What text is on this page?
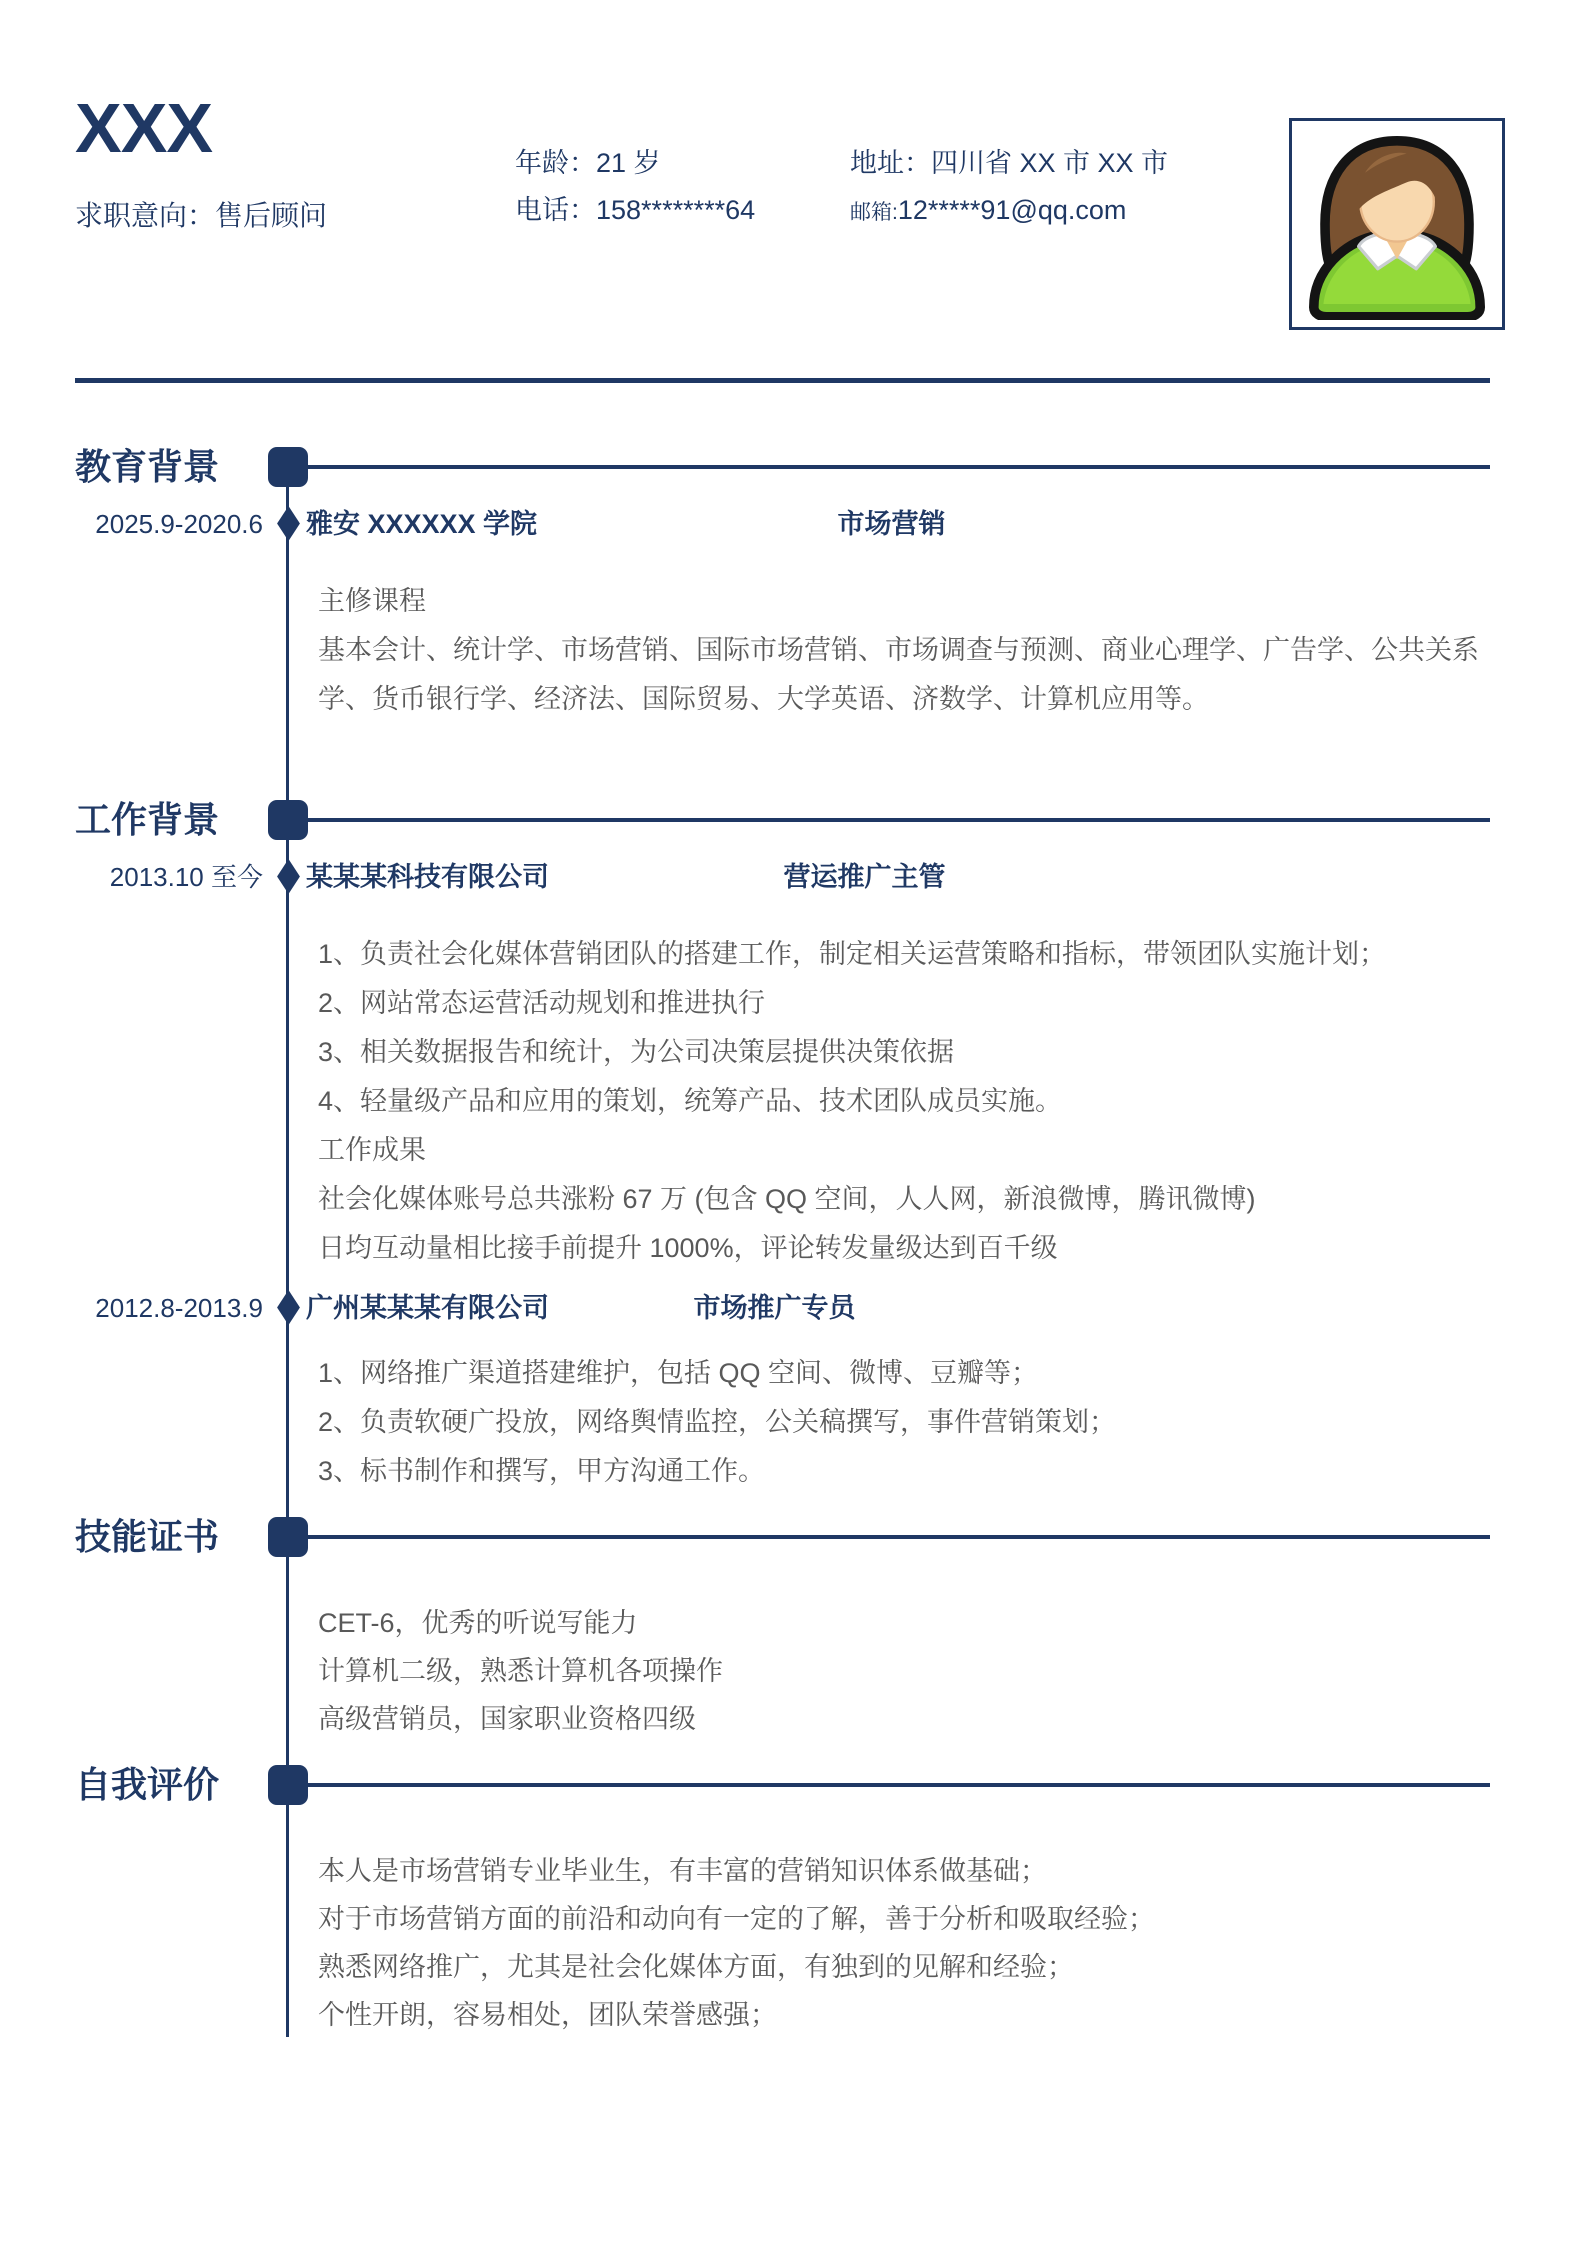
XXX
求职意向：售后顾问
年龄：21 岁	地址：四川省 XX 市 XX 市
电话：158********64	邮箱:12*****91@qq.com
教育背景
2025.9-2020.6 雅安 XXXXXX 学院	市场营销
主修课程
基本会计、统计学、市场营销、国际市场营销、市场调查与预测、商业心理学、广告学、公共关系学、货币银行学、经济法、国际贸易、大学英语、济数学、计算机应用等。
工作背景
2013.10 至今 某某某科技有限公司	营运推广主管
1、负责社会化媒体营销团队的搭建工作，制定相关运营策略和指标，带领团队实施计划；
2、网站常态运营活动规划和推进执行
3、相关数据报告和统计，为公司决策层提供决策依据
4、轻量级产品和应用的策划，统筹产品、技术团队成员实施。
工作成果
社会化媒体账号总共涨粉 67 万 (包含 QQ 空间，人人网，新浪微博，腾讯微博)
日均互动量相比接手前提升 1000%，评论转发量级达到百千级
2012.8-2013.9 广州某某某有限公司	市场推广专员
1、网络推广渠道搭建维护，包括 QQ 空间、微博、豆瓣等；
2、负责软硬广投放，网络舆情监控，公关稿撰写，事件营销策划；
3、标书制作和撰写，甲方沟通工作。
技能证书
CET-6，优秀的听说写能力
计算机二级，熟悉计算机各项操作
高级营销员，国家职业资格四级
自我评价
本人是市场营销专业毕业生，有丰富的营销知识体系做基础；
对于市场营销方面的前沿和动向有一定的了解，善于分析和吸取经验；
熟悉网络推广，尤其是社会化媒体方面，有独到的见解和经验；
个性开朗，容易相处，团队荣誉感强；
